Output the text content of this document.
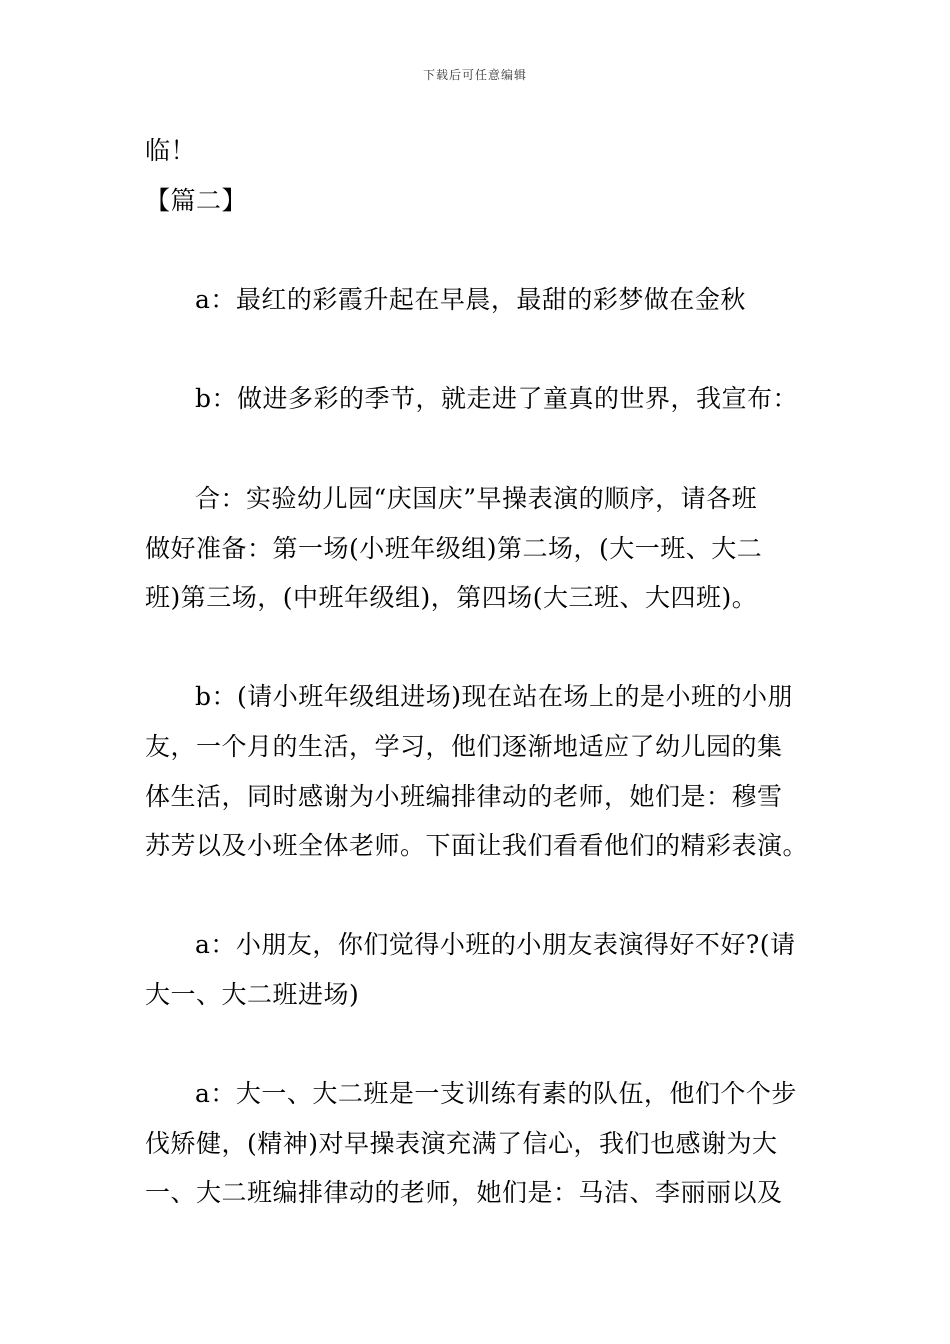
下载后可任意编辑
临！
【篇二】
a：最红的彩霞升起在早晨，最甜的彩梦做在金秋
b：做进多彩的季节，就走进了童真的世界，我宣布：
合：实验幼儿园“庆国庆”早操表演的顺序，请各班
做好准备：第一场(小班年级组)第二场，(大一班、大二
班)第三场，(中班年级组)，第四场(大三班、大四班)。
b：(请小班年级组进场)现在站在场上的是小班的小朋
友，一个月的生活，学习，他们逐渐地适应了幼儿园的集
体生活，同时感谢为小班编排律动的老师，她们是：穆雪
苏芳以及小班全体老师。下面让我们看看他们的精彩表演。
a：小朋友，你们觉得小班的小朋友表演得好不好?(请
大一、大二班进场)
a：大一、大二班是一支训练有素的队伍，他们个个步
伐矫健，(精神)对早操表演充满了信心，我们也感谢为大
一、大二班编排律动的老师，她们是：马洁、李丽丽以及
